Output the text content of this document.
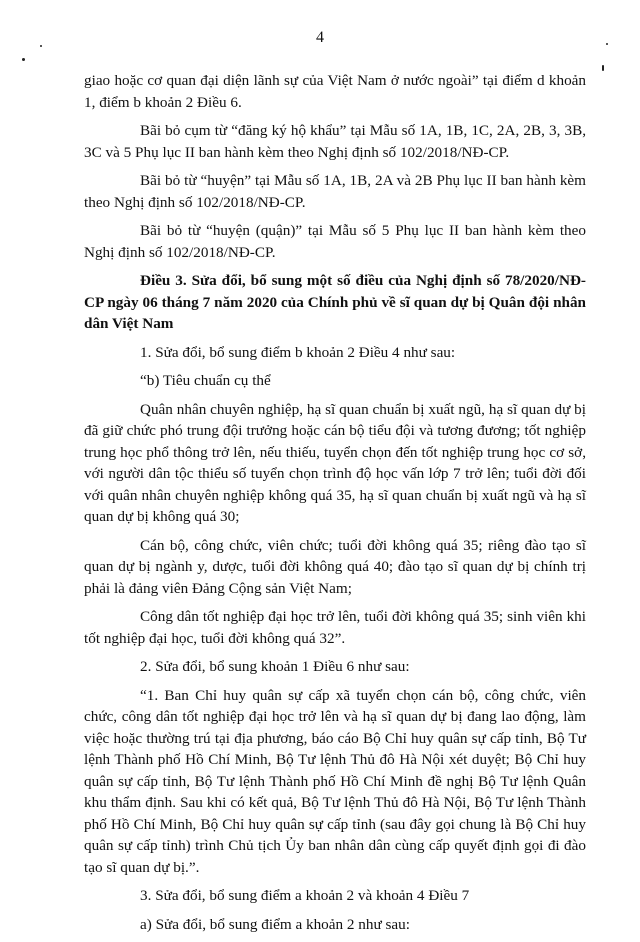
4

giao hoặc cơ quan đại diện lãnh sự của Việt Nam ở nước ngoài” tại điểm d khoản 1, điểm b khoản 2 Điều 6.

Bãi bỏ cụm từ “đăng ký hộ khẩu” tại Mẫu số 1A, 1B, 1C, 2A, 2B, 3, 3B, 3C và 5 Phụ lục II ban hành kèm theo Nghị định số 102/2018/NĐ-CP.

Bãi bỏ từ “huyện” tại Mẫu số 1A, 1B, 2A và 2B Phụ lục II ban hành kèm theo Nghị định số 102/2018/NĐ-CP.

Bãi bỏ từ “huyện (quận)” tại Mẫu số 5 Phụ lục II ban hành kèm theo Nghị định số 102/2018/NĐ-CP.

Điều 3. Sửa đổi, bổ sung một số điều của Nghị định số 78/2020/NĐ-CP ngày 06 tháng 7 năm 2020 của Chính phủ về sĩ quan dự bị Quân đội nhân dân Việt Nam

1. Sửa đổi, bổ sung điểm b khoản 2 Điều 4 như sau:

“b) Tiêu chuẩn cụ thể

Quân nhân chuyên nghiệp, hạ sĩ quan chuẩn bị xuất ngũ, hạ sĩ quan dự bị đã giữ chức phó trung đội trưởng hoặc cán bộ tiểu đội và tương đương; tốt nghiệp trung học phổ thông trở lên, nếu thiếu, tuyển chọn đến tốt nghiệp trung học cơ sở, với người dân tộc thiểu số tuyển chọn trình độ học vấn lớp 7 trở lên; tuổi đời đối với quân nhân chuyên nghiệp không quá 35, hạ sĩ quan chuẩn bị xuất ngũ và hạ sĩ quan dự bị không quá 30;

Cán bộ, công chức, viên chức; tuổi đời không quá 35; riêng đào tạo sĩ quan dự bị ngành y, dược, tuổi đời không quá 40; đào tạo sĩ quan dự bị chính trị phải là đảng viên Đảng Cộng sản Việt Nam;

Công dân tốt nghiệp đại học trở lên, tuổi đời không quá 35; sinh viên khi tốt nghiệp đại học, tuổi đời không quá 32”.

2. Sửa đổi, bổ sung khoản 1 Điều 6 như sau:

“1. Ban Chỉ huy quân sự cấp xã tuyển chọn cán bộ, công chức, viên chức, công dân tốt nghiệp đại học trở lên và hạ sĩ quan dự bị đang lao động, làm việc hoặc thường trú tại địa phương, báo cáo Bộ Chỉ huy quân sự cấp tỉnh, Bộ Tư lệnh Thành phố Hồ Chí Minh, Bộ Tư lệnh Thủ đô Hà Nội xét duyệt; Bộ Chỉ huy quân sự cấp tỉnh, Bộ Tư lệnh Thành phố Hồ Chí Minh đề nghị Bộ Tư lệnh Quân khu thẩm định. Sau khi có kết quả, Bộ Tư lệnh Thủ đô Hà Nội, Bộ Tư lệnh Thành phố Hồ Chí Minh, Bộ Chỉ huy quân sự cấp tỉnh (sau đây gọi chung là Bộ Chỉ huy quân sự cấp tỉnh) trình Chủ tịch Ủy ban nhân dân cùng cấp quyết định gọi đi đào tạo sĩ quan dự bị.”.

3. Sửa đổi, bổ sung điểm a khoản 2 và khoản 4 Điều 7

a) Sửa đổi, bổ sung điểm a khoản 2 như sau:
